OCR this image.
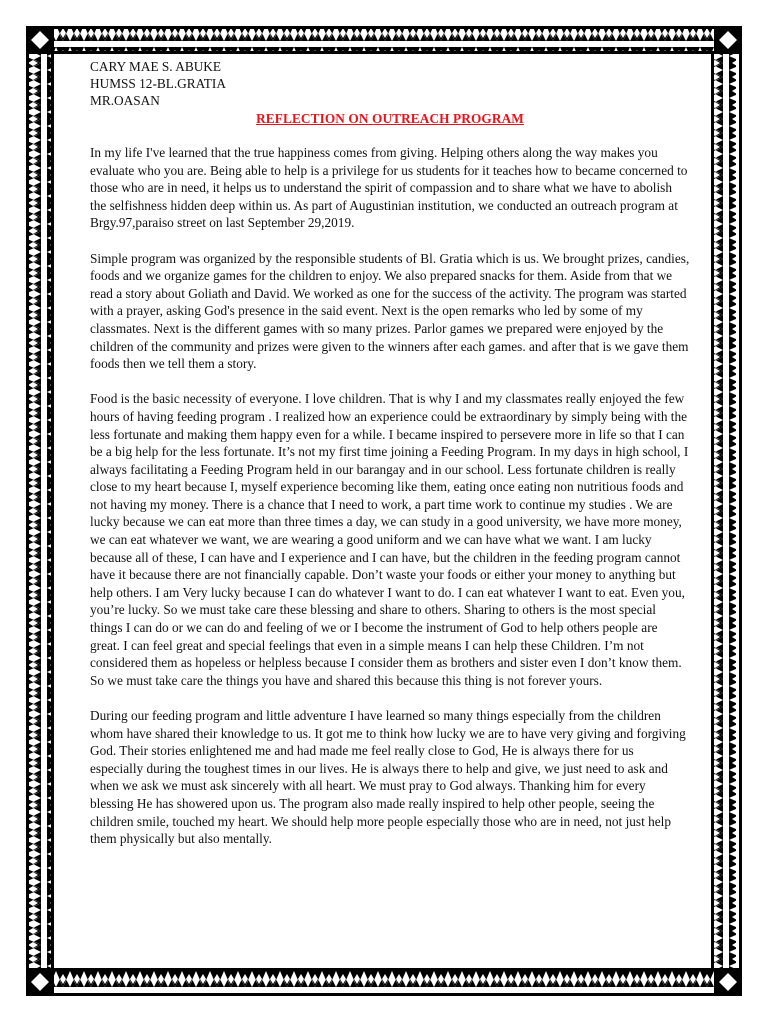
CARY MAE S. ABUKE

HUMSS 12-BL.GRATIA

MR.OASAN

REFLECTION ON OUTREACH PROGRAM

In my life I've learned that the true happiness comes from giving. Helping others along the way makes you evaluate who you are. Being able to help is a privilege for us students for it teaches how to became concerned to those who are in need, it helps us to understand the spirit of compassion and to share what we have to abolish the selfishness hidden deep within us. As part of Augustinian institution, we conducted an outreach program at Brgy.97,paraiso street on last September 29,2019.

Simple program was organized by the responsible students of Bl. Gratia which is us. We brought prizes, candies, foods and we organize games for the children to enjoy. We also prepared snacks for them. Aside from that we read a story about Goliath and David. We worked as one for the success of the activity. The program was started with a prayer, asking God's presence in the said event. Next is the open remarks who led by some of my classmates. Next is the different games with so many prizes. Parlor games we prepared were enjoyed by the children of the community and prizes were given to the winners after each games. and after that is we gave them foods then we tell them a story.

Food is the basic necessity of everyone. I love children. That is why I and my classmates really enjoyed the few hours of having feeding program . I realized how an experience could be extraordinary by simply being with the less fortunate and making them happy even for a while. I became inspired to persevere more in life so that I can be a big help for the less fortunate. It’s not my first time joining a Feeding Program. In my days in high school, I always facilitating a Feeding Program held in our barangay and in our school. Less fortunate children is really close to my heart because I, myself experience becoming like them, eating once eating non nutritious foods and not having my money. There is a chance that I need to work, a part time work to continue my studies . We are lucky because we can eat more than three times a day, we can study in a good university, we have more money, we can eat whatever we want, we are wearing a good uniform and we can have what we want. I am lucky because all of these, I can have and I experience and I can have, but the children in the feeding program cannot have it because there are not financially capable. Don’t waste your foods or either your money to anything but help others. I am Very lucky because I can do whatever I want to do. I can eat whatever I want to eat. Even you, you’re lucky. So we must take care these blessing and share to others. Sharing to others is the most special things I can do or we can do and feeling of we or I become the instrument of God to help others people are great. I can feel great and special feelings that even in a simple means I can help these Children. I’m not considered them as hopeless or helpless because I consider them as brothers and sister even I don’t know them. So we must take care the things you have and shared this because this thing is not forever yours.

During our feeding program and little adventure I have learned so many things especially from the children whom have shared their knowledge to us. It got me to think how lucky we are to have very giving and forgiving God. Their stories enlightened me and had made me feel really close to God, He is always there for us especially during the toughest times in our lives. He is always there to help and give, we just need to ask and when we ask we must ask sincerely with all heart. We must pray to God always. Thanking him for every blessing He has showered upon us. The program also made really inspired to help other people, seeing the children smile, touched my heart. We should help more people especially those who are in need, not just help them physically but also mentally.
